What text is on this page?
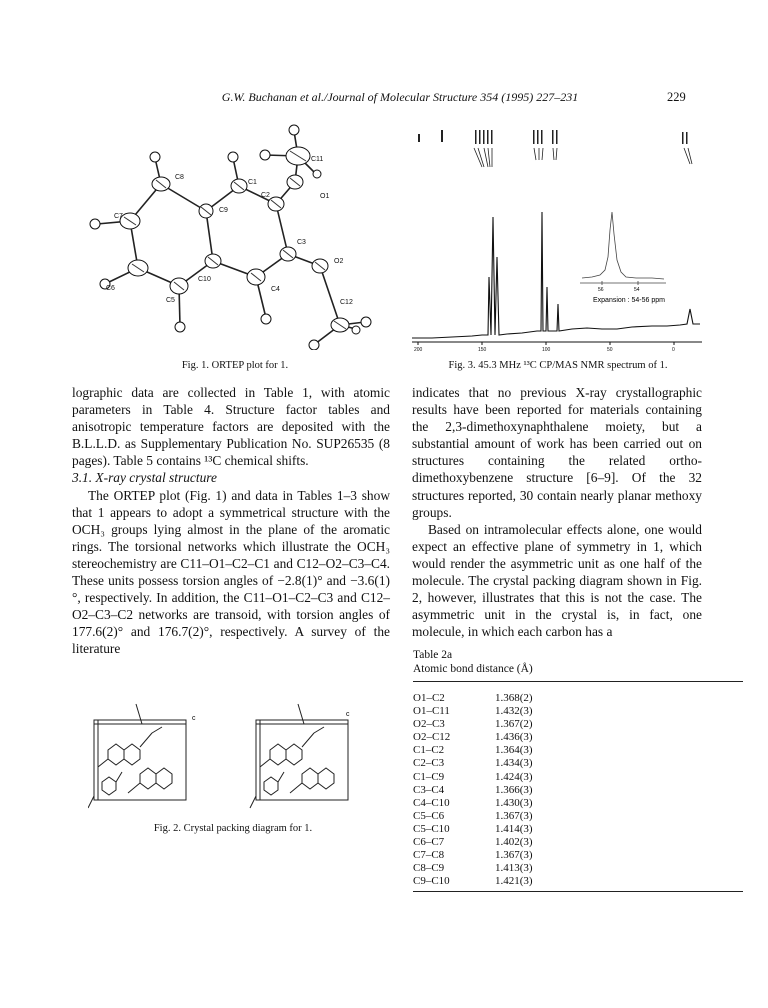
G.W. Buchanan et al./Journal of Molecular Structure 354 (1995) 227–231	229
C11
C8
C1
C2	O1
C7
C9
C3
O2
C10
C4
C6
C5	C12
Fig. 1. ORTEP plot for 1.
56	54
Expansion : 54-56 ppm
200	150	100	50	0
Fig. 3. 45.3 MHz ¹³C CP/MAS NMR spectrum of 1.

lographic data are collected in Table 1, with atomic parameters in Table 4. Structure factor tables and anisotropic temperature factors are deposited with the B.L.L.D. as Supplementary Publication No. SUP26535 (8 pages). Table 5 contains ¹³C chemical shifts.

3.1. X-ray crystal structure

The ORTEP plot (Fig. 1) and data in Tables 1–3 show that 1 appears to adopt a symmetrical structure with the OCH₃ groups lying almost in the plane of the aromatic rings. The torsional networks which illustrate the OCH₃ stereochemistry are C11–O1–C2–C1 and C12–O2–C3–C4. These units possess torsion angles of −2.8(1)° and −3.6(1)°, respectively. In addition, the C11–O1–C2–C3 and C12–O2–C3–C2 networks are transoid, with torsion angles of 177.6(2)° and 176.7(2)°, respectively. A survey of the literature

indicates that no previous X-ray crystallographic results have been reported for materials containing the 2,3-dimethoxynaphthalene moiety, but a substantial amount of work has been carried out on structures containing the related ortho-dimethoxybenzene structure [6–9]. Of the 32 structures reported, 30 contain nearly planar methoxy groups.

Based on intramolecular effects alone, one would expect an effective plane of symmetry in 1, which would render the asymmetric unit as one half of the molecule. The crystal packing diagram shown in Fig. 2, however, illustrates that this is not the case. The asymmetric unit in the crystal is, in fact, one molecule, in which each carbon has a

c
c
Fig. 2. Crystal packing diagram for 1.
Table 2a
Atomic bond distance (Å)
O1–C2	1.368(2)
O1–C11	1.432(3)
O2–C3	1.367(2)
O2–C12	1.436(3)
C1–C2	1.364(3)
C2–C3	1.434(3)
C1–C9	1.424(3)
C3–C4	1.366(3)
C4–C10	1.430(3)
C5–C6	1.367(3)
C5–C10	1.414(3)
C6–C7	1.402(3)
C7–C8	1.367(3)
C8–C9	1.413(3)
C9–C10	1.421(3)
